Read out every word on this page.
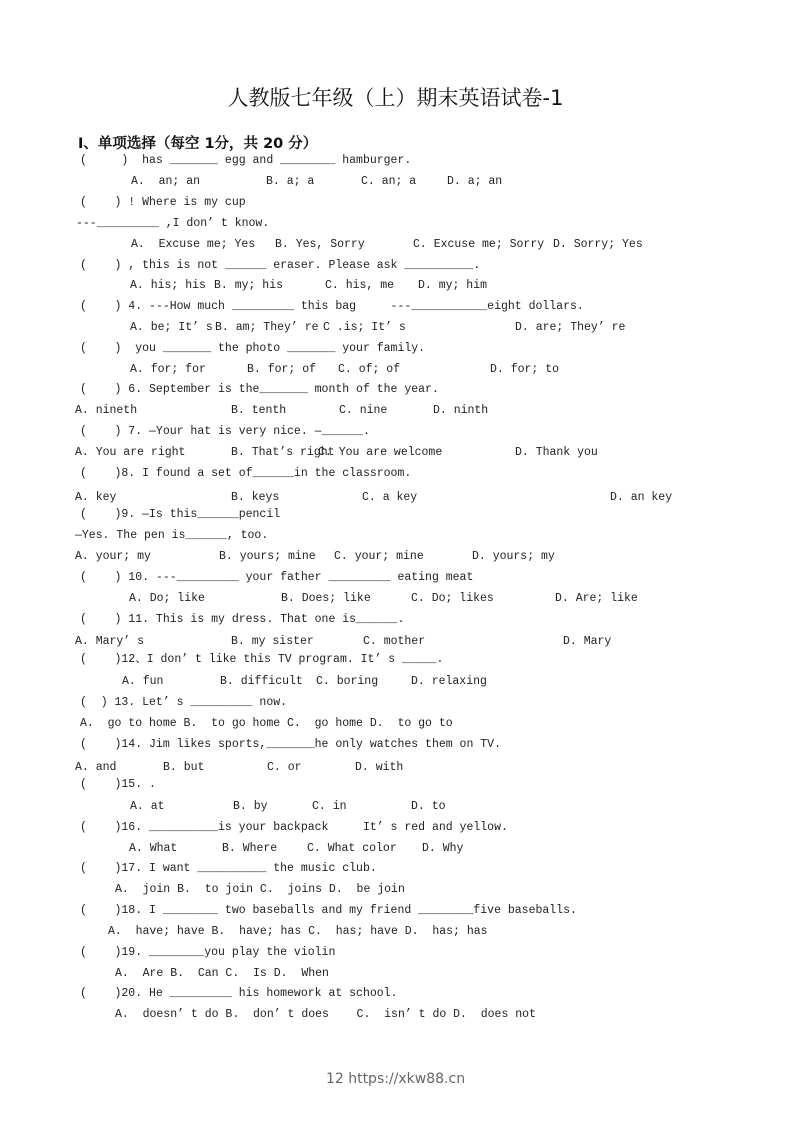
人教版七年级（上）期末英语试卷-1
I、单项选择（每空 1分，共 20 分）
(     )  has _______ egg and ________ hamburger.
A.  an; an	B. a; a	C. an; a	D. a; an
(    ) ! Where is my cup
---_________ ,I don’ t know.
A.  Excuse me; Yes B. Yes, Sorry	C. Excuse me; Sorry D. Sorry; Yes
(    ) , this is not ______ eraser. Please ask __________.
A. his; his B. my; his	C. his, me D. my; him
(    ) 4. ---How much _________ this bag     ---___________eight dollars.
A. be; It’ s B. am; They’ re C .is; It’ s	D. are; They’ re
(    )  you _______ the photo _______ your family.
A. for; for	B. for; of C. of; of	D. for; to
(    ) 6. September is the_______ month of the year.
A. nineth	B. tenth	C. nine	D. ninth
(    ) 7. —Your hat is very nice. —______.
A. You are right	B. That’s right
C. You are welcome	D. Thank you
(    )8. I found a set of______in the classroom.
A. key	B. keys	C. a key	D. an key
(    )9. —Is this______pencil
—Yes. The pen is______, too.
A. your; my	B. yours; mine C. your; mine	D. yours; my
(    ) 10. ---_________ your father _________ eating meat
A. Do; like	B. Does; like	C. Do; likes	D. Are; like
(    ) 11. This is my dress. That one is______.
A. Mary’ s	B. my sister	C. mother	D. Mary
(    )12、I don’ t like this TV program. It’ s _____.
A. fun	B. difficult C. boring	D. relaxing
(  ) 13. Let’ s _________ now.
A.  go to home B.  to go home C.  go home D.  to go to
(    )14. Jim likes sports,_______he only watches them on TV.
A. and	B. but	C. or	D. with
(    )15. .
A. at	B. by	C. in	D. to
(    )16. __________is your backpack     It’ s red and yellow.
A. What	B. Where	C. What color D. Why
(    )17. I want __________ the music club.
A.  join B.  to join C.  joins D.  be join
(    )18. I ________ two baseballs and my friend ________five baseballs.
A.  have; have B.  have; has C.  has; have D.  has; has
(    )19. ________you play the violin
A.  Are B.  Can C.  Is D.  When
(    )20. He _________ his homework at school.
A.  doesn’ t do B.  don’ t does    C.  isn’ t do D.  does not
12 https://xkw88.cn
